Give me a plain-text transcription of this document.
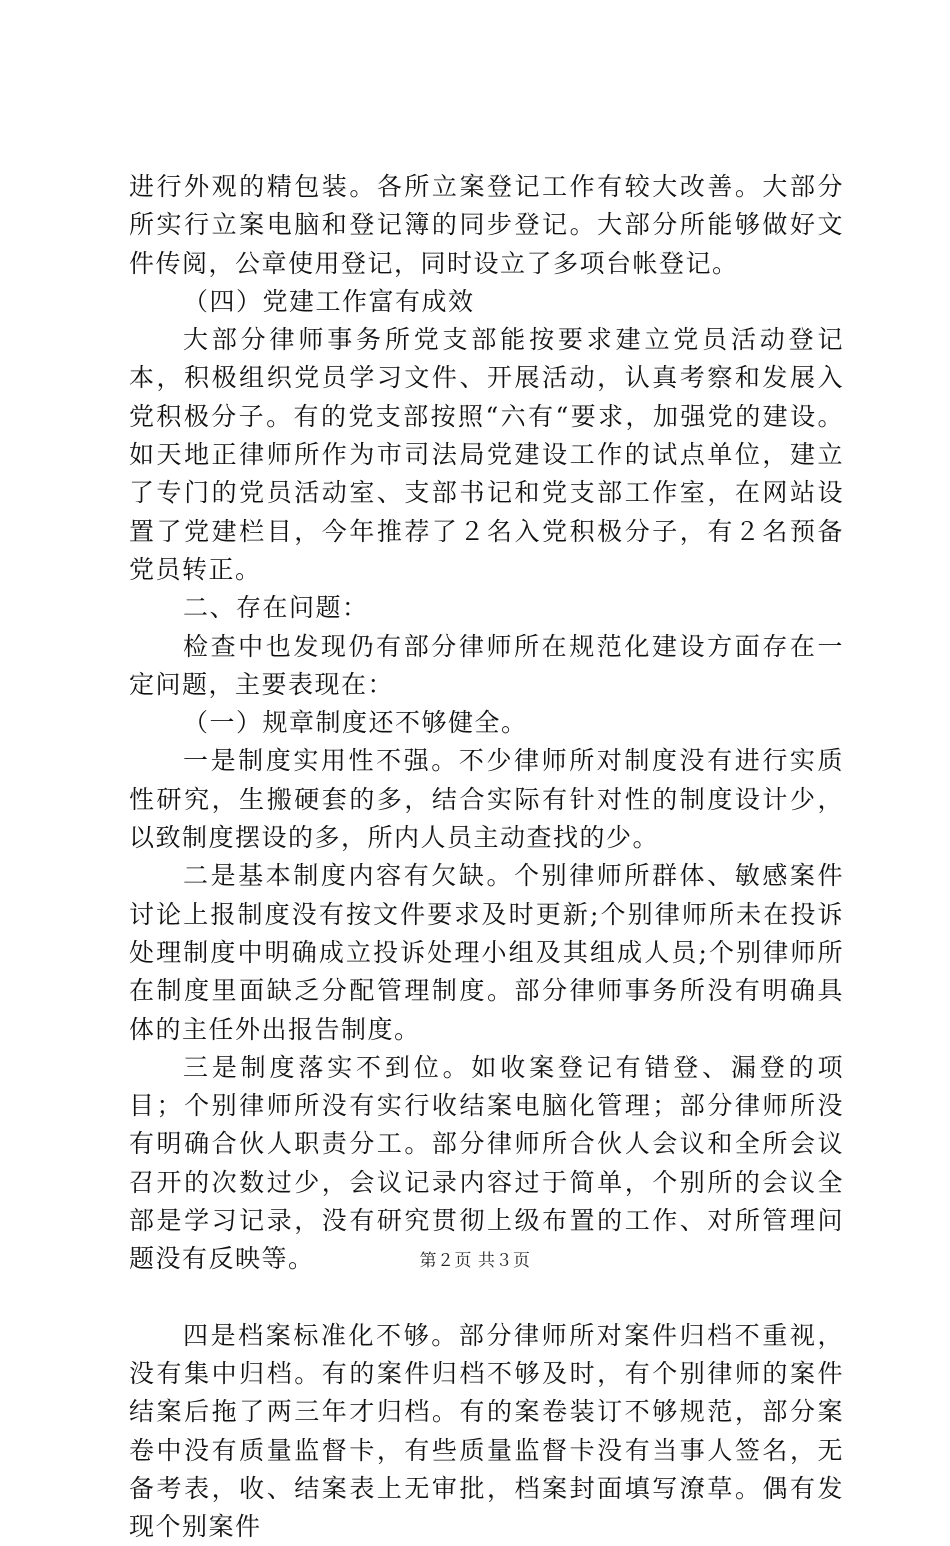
进行外观的精包装。各所立案登记工作有较大改善。大部分所实行立案电脑和登记簿的同步登记。大部分所能够做好文件传阅，公章使用登记，同时设立了多项台帐登记。

（四）党建工作富有成效

大部分律师事务所党支部能按要求建立党员活动登记本，积极组织党员学习文件、开展活动，认真考察和发展入党积极分子。有的党支部按照“六有“要求，加强党的建设。如天地正律师所作为市司法局党建设工作的试点单位，建立了专门的党员活动室、支部书记和党支部工作室，在网站设置了党建栏目，今年推荐了２名入党积极分子，有２名预备党员转正。

二、存在问题：

检查中也发现仍有部分律师所在规范化建设方面存在一定问题，主要表现在：

（一）规章制度还不够健全。

一是制度实用性不强。不少律师所对制度没有进行实质性研究，生搬硬套的多，结合实际有针对性的制度设计少，以致制度摆设的多，所内人员主动查找的少。

二是基本制度内容有欠缺。个别律师所群体、敏感案件讨论上报制度没有按文件要求及时更新;个别律师所未在投诉处理制度中明确成立投诉处理小组及其组成人员;个别律师所在制度里面缺乏分配管理制度。部分律师事务所没有明确具体的主任外出报告制度。

三是制度落实不到位。如收案登记有错登、漏登的项目；个别律师所没有实行收结案电脑化管理；部分律师所没有明确合伙人职责分工。部分律师所合伙人会议和全所会议召开的次数过少，会议记录内容过于简单，个别所的会议全部是学习记录，没有研究贯彻上级布置的工作、对所管理问题没有反映等。

四是档案标准化不够。部分律师所对案件归档不重视，没有集中归档。有的案件归档不够及时，有个别律师的案件结案后拖了两三年才归档。有的案卷装订不够规范，部分案卷中没有质量监督卡，有些质量监督卡没有当事人签名，无备考表，收、结案表上无审批，档案封面填写潦草。偶有发现个别案件

第２页 共３页
